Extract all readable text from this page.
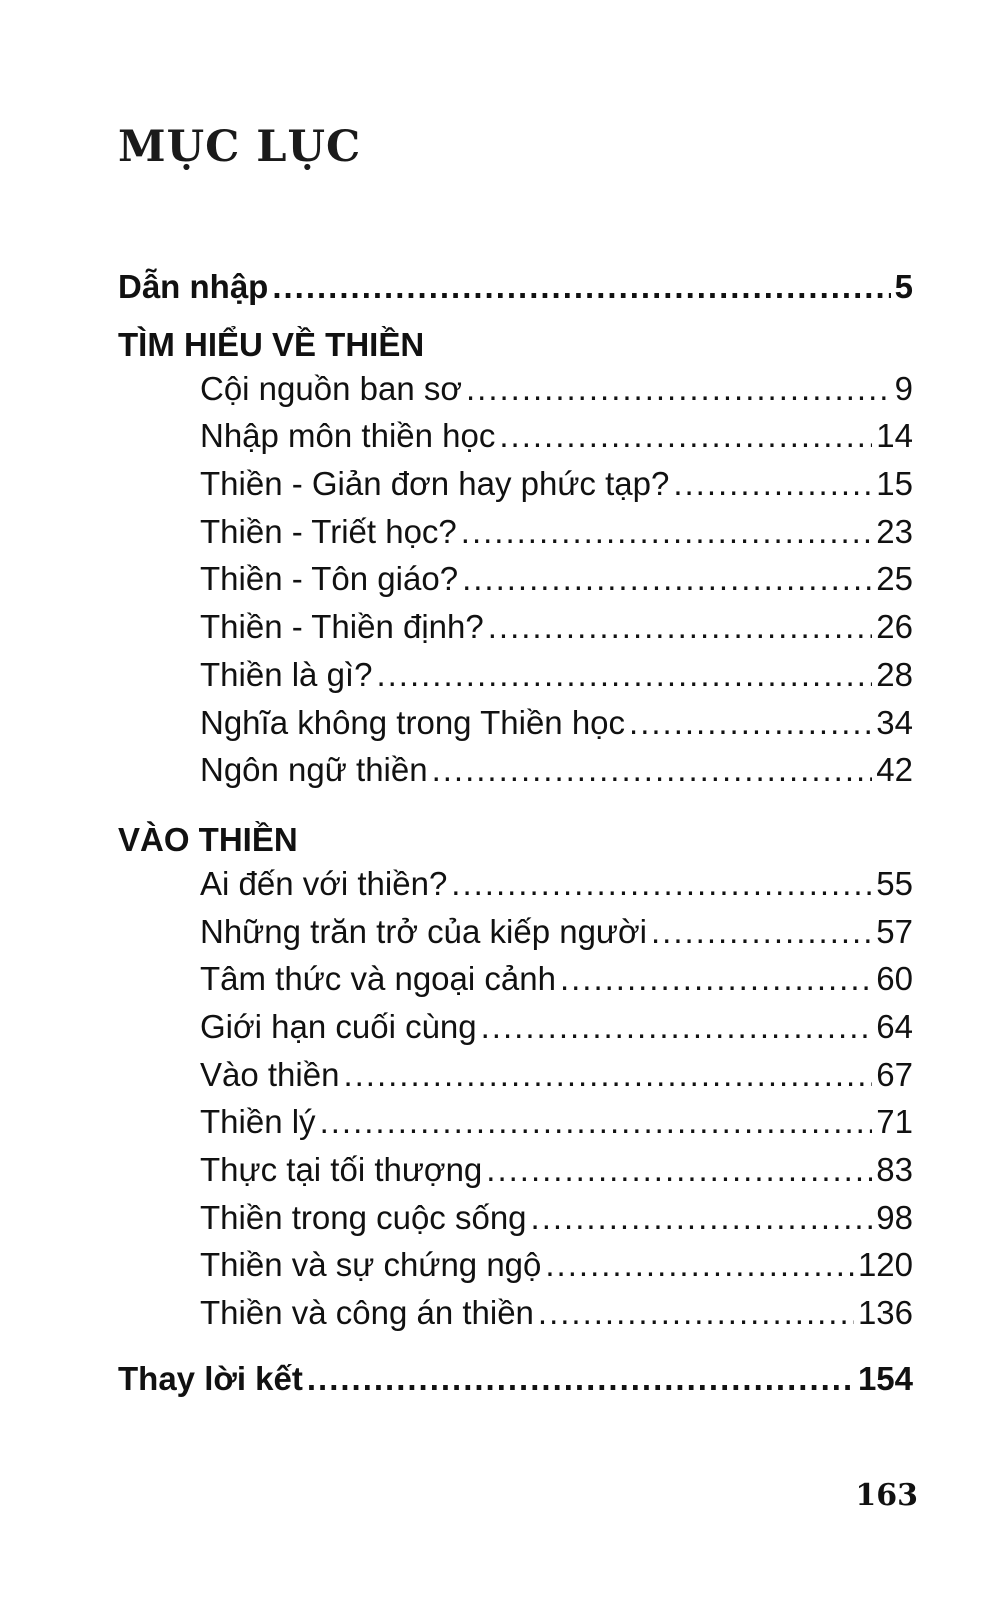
MỤC LỤC
Dẫn nhập .....	5
TÌM HIỂU VỀ THIỀN
Cội nguồn ban sơ .....	9
Nhập môn thiền học .....	14
Thiền - Giản đơn hay phức tạp? .....	15
Thiền - Triết học? .....	23
Thiền - Tôn giáo? .....	25
Thiền - Thiền định? .....	26
Thiền là gì? .....	28
Nghĩa không trong Thiền học .....	34
Ngôn ngữ thiền .....	42
VÀO THIỀN
Ai đến với thiền? .....	55
Những trăn trở của kiếp người .....	57
Tâm thức và ngoại cảnh .....	60
Giới hạn cuối cùng .....	64
Vào thiền .....	67
Thiền lý .....	71
Thực tại tối thượng .....	83
Thiền trong cuộc sống .....	98
Thiền và sự chứng ngộ .....	120
Thiền và công án thiền .....	136
Thay lời kết .....	154
163
